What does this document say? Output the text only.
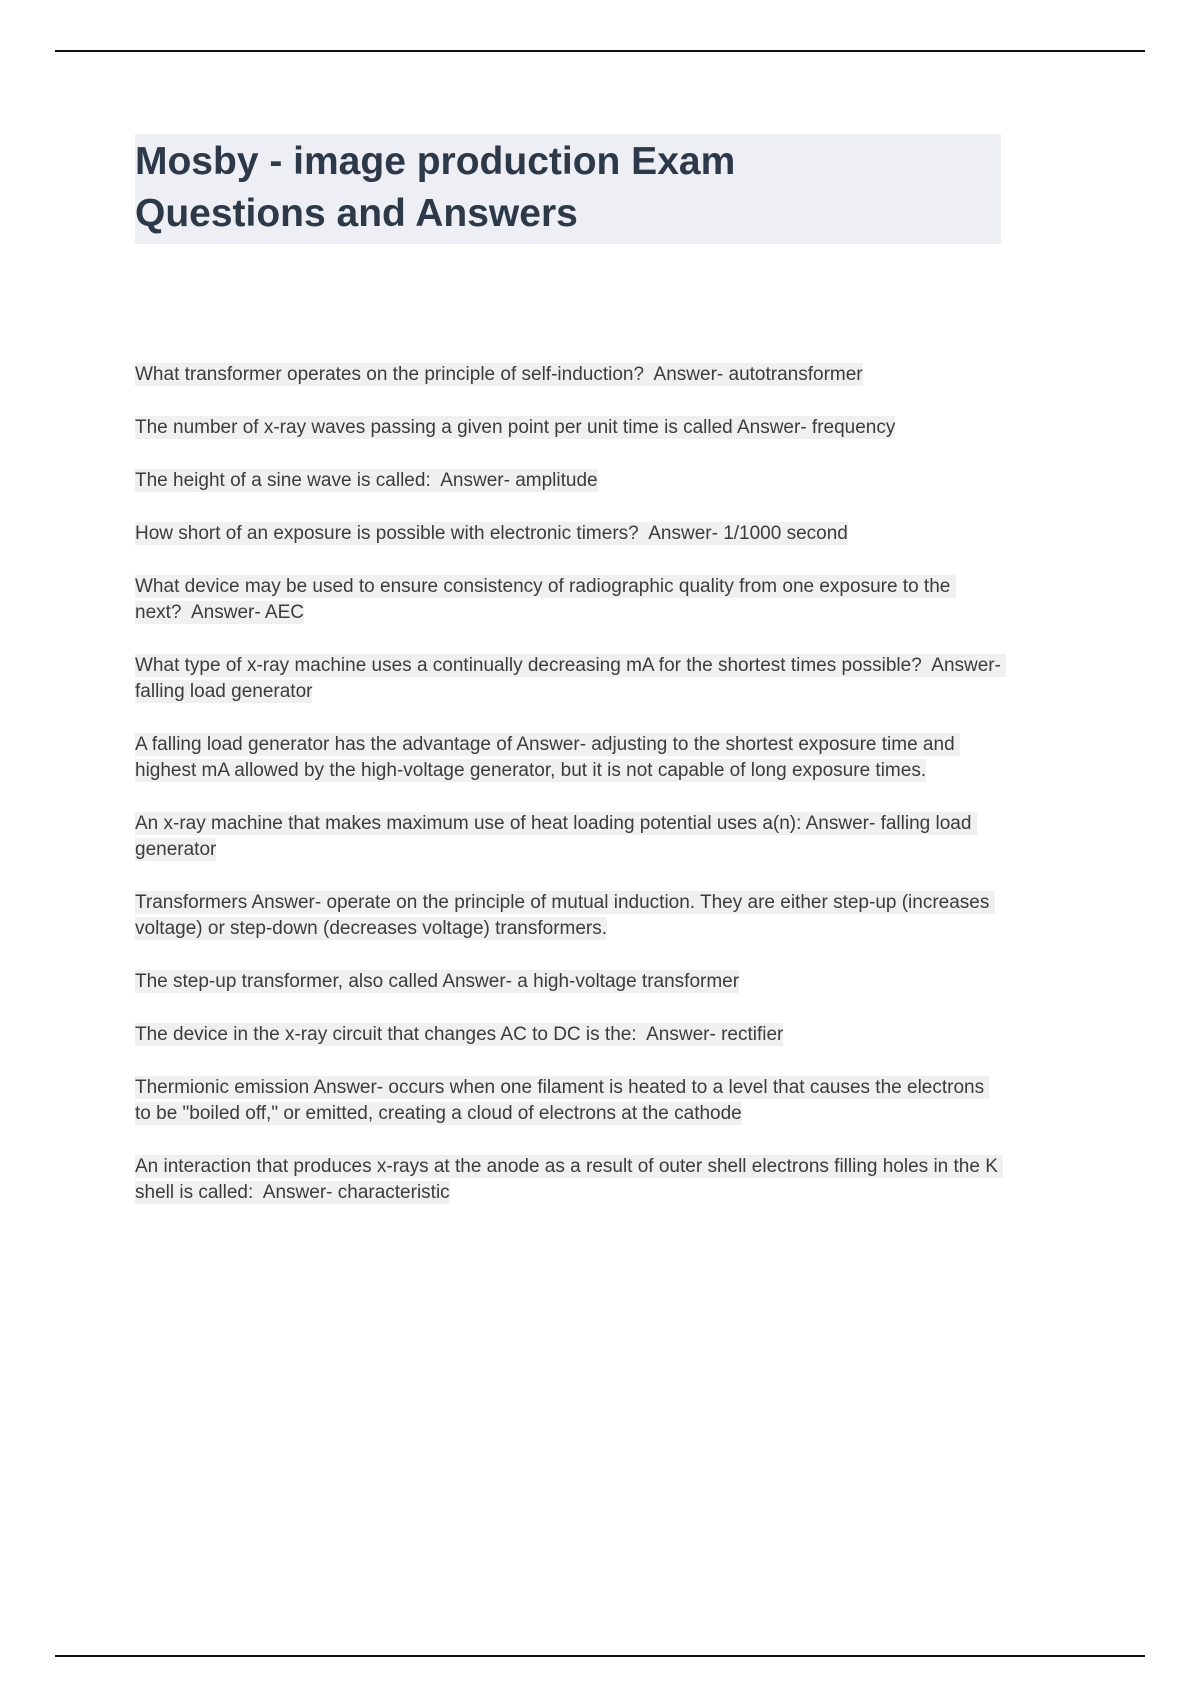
Mosby - image production Exam
Questions and Answers
What transformer operates on the principle of self-induction?  Answer- autotransformer
The number of x-ray waves passing a given point per unit time is called Answer- frequency
The height of a sine wave is called:  Answer- amplitude
How short of an exposure is possible with electronic timers?  Answer- 1/1000 second
What device may be used to ensure consistency of radiographic quality from one exposure to the next?  Answer- AEC
What type of x-ray machine uses a continually decreasing mA for the shortest times possible?  Answer- falling load generator
A falling load generator has the advantage of Answer- adjusting to the shortest exposure time and highest mA allowed by the high-voltage generator, but it is not capable of long exposure times.
An x-ray machine that makes maximum use of heat loading potential uses a(n): Answer- falling load generator
Transformers Answer- operate on the principle of mutual induction. They are either step-up (increases voltage) or step-down (decreases voltage) transformers.
The step-up transformer, also called Answer- a high-voltage transformer
The device in the x-ray circuit that changes AC to DC is the:  Answer- rectifier
Thermionic emission Answer- occurs when one filament is heated to a level that causes the electrons to be "boiled off," or emitted, creating a cloud of electrons at the cathode
An interaction that produces x-rays at the anode as a result of outer shell electrons filling holes in the K shell is called:  Answer- characteristic
